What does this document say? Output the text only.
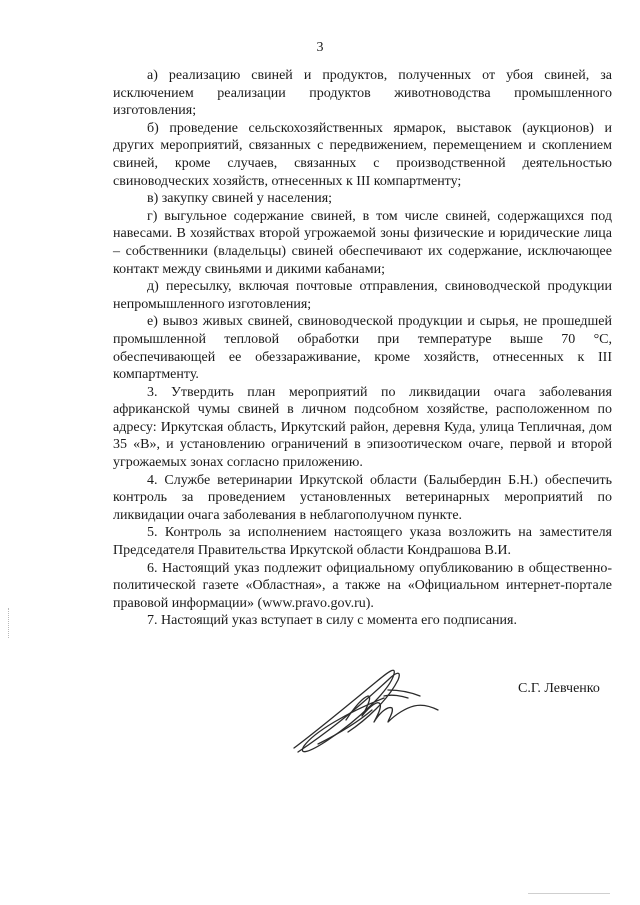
3

а) реализацию свиней и продуктов, полученных от убоя свиней, за исключением реализации продуктов животноводства промышленного изготовления;

б) проведение сельскохозяйственных ярмарок, выставок (аукционов) и других мероприятий, связанных с передвижением, перемещением и скоплением свиней, кроме случаев, связанных с производственной деятельностью свиноводческих хозяйств, отнесенных к III компартменту;

в) закупку свиней у населения;

г) выгульное содержание свиней, в том числе свиней, содержащихся под навесами. В хозяйствах второй угрожаемой зоны физические и юридические лица – собственники (владельцы) свиней обеспечивают их содержание, исключающее контакт между свиньями и дикими кабанами;

д) пересылку, включая почтовые отправления, свиноводческой продукции непромышленного изготовления;

е) вывоз живых свиней, свиноводческой продукции и сырья, не прошедшей промышленной тепловой обработки при температуре выше 70 °С, обеспечивающей ее обеззараживание, кроме хозяйств, отнесенных к III компартменту.

3. Утвердить план мероприятий по ликвидации очага заболевания африканской чумы свиней в личном подсобном хозяйстве, расположенном по адресу: Иркутская область, Иркутский район, деревня Куда, улица Тепличная, дом 35 «В», и установлению ограничений в эпизоотическом очаге, первой и второй угрожаемых зонах согласно приложению.

4. Службе ветеринарии Иркутской области (Балыбердин Б.Н.) обеспечить контроль за проведением установленных ветеринарных мероприятий по ликвидации очага заболевания в неблагополучном пункте.

5. Контроль за исполнением настоящего указа возложить на заместителя Председателя Правительства Иркутской области Кондрашова В.И.

6. Настоящий указ подлежит официальному опубликованию в общественно-политической газете «Областная», а также на «Официальном интернет-портале правовой информации» (www.pravo.gov.ru).

7. Настоящий указ вступает в силу с момента его подписания.

С.Г. Левченко
